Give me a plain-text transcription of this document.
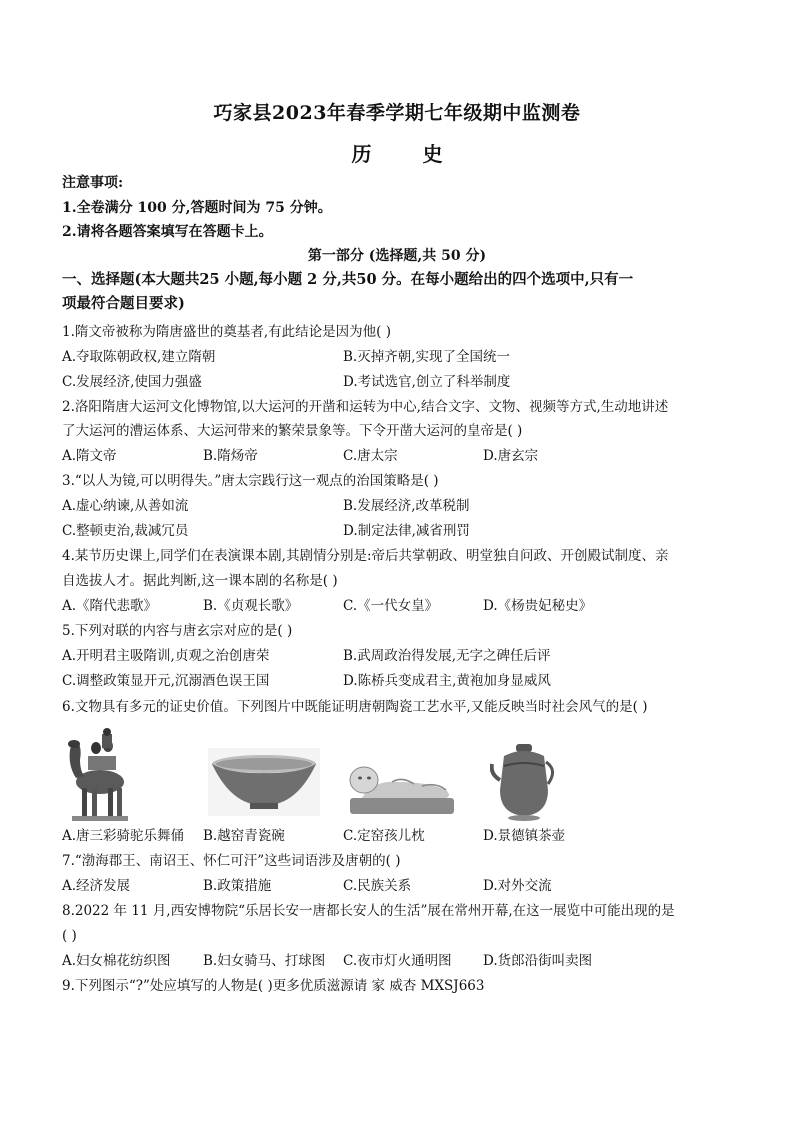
巧家县2023年春季学期七年级期中监测卷
历 史
注意事项:
1.全卷满分 100 分,答题时间为 75 分钟。
2.请将各题答案填写在答题卡上。
第一部分 (选择题,共 50 分)
一、选择题(本大题共25 小题,每小题 2 分,共50 分。在每小题给出的四个选项中,只有一
项最符合题目要求)
1.隋文帝被称为隋唐盛世的奠基者,有此结论是因为他( )
A.夺取陈朝政权,建立隋朝	B.灭掉齐朝,实现了全国统一
C.发展经济,使国力强盛	D.考试选官,创立了科举制度
2.洛阳隋唐大运河文化博物馆,以大运河的开凿和运转为中心,结合文字、文物、视频等方式,生动地讲述
了大运河的漕运体系、大运河带来的繁荣景象等。下令开凿大运河的皇帝是( )
A.隋文帝	B.隋炀帝	C.唐太宗	D.唐玄宗
3.“以人为镜,可以明得失。”唐太宗践行这一观点的治国策略是( )
A.虚心纳谏,从善如流	B.发展经济,改革税制
C.整顿吏治,裁减冗员	D.制定法律,减省刑罚
4.某节历史课上,同学们在表演课本剧,其剧情分别是:帝后共掌朝政、明堂独自问政、开创殿试制度、亲
自选拔人才。据此判断,这一课本剧的名称是( )
A.《隋代悲歌》	B.《贞观长歌》	C.《一代女皇》	D.《杨贵妃秘史》
5.下列对联的内容与唐玄宗对应的是( )
A.开明君主吸隋训,贞观之治创唐荣	B.武周政治得发展,无字之碑任后评
C.调整政策显开元,沉溺酒色误王国	D.陈桥兵变成君主,黄袍加身显威风
6.文物具有多元的证史价值。下列图片中既能证明唐朝陶瓷工艺水平,又能反映当时社会风气的是( )
A.唐三彩骑驼乐舞俑 B.越窑青瓷碗	C.定窑孩儿枕	D.景德镇茶壶
7.“渤海郡王、南诏王、怀仁可汗”这些词语涉及唐朝的( )
A.经济发展	B.政策措施	C.民族关系	D.对外交流
8.2022 年 11 月,西安博物院“乐居长安一唐都长安人的生活”展在常州开幕,在这一展览中可能出现的是
( )
A.妇女棉花纺织图 B.妇女骑马、打球图 C.夜市灯火通明图 D.货郎沿街叫卖图
9.下列图示“?”处应填写的人物是( )更多优质滋源请 家 威杏 MXSJ663
